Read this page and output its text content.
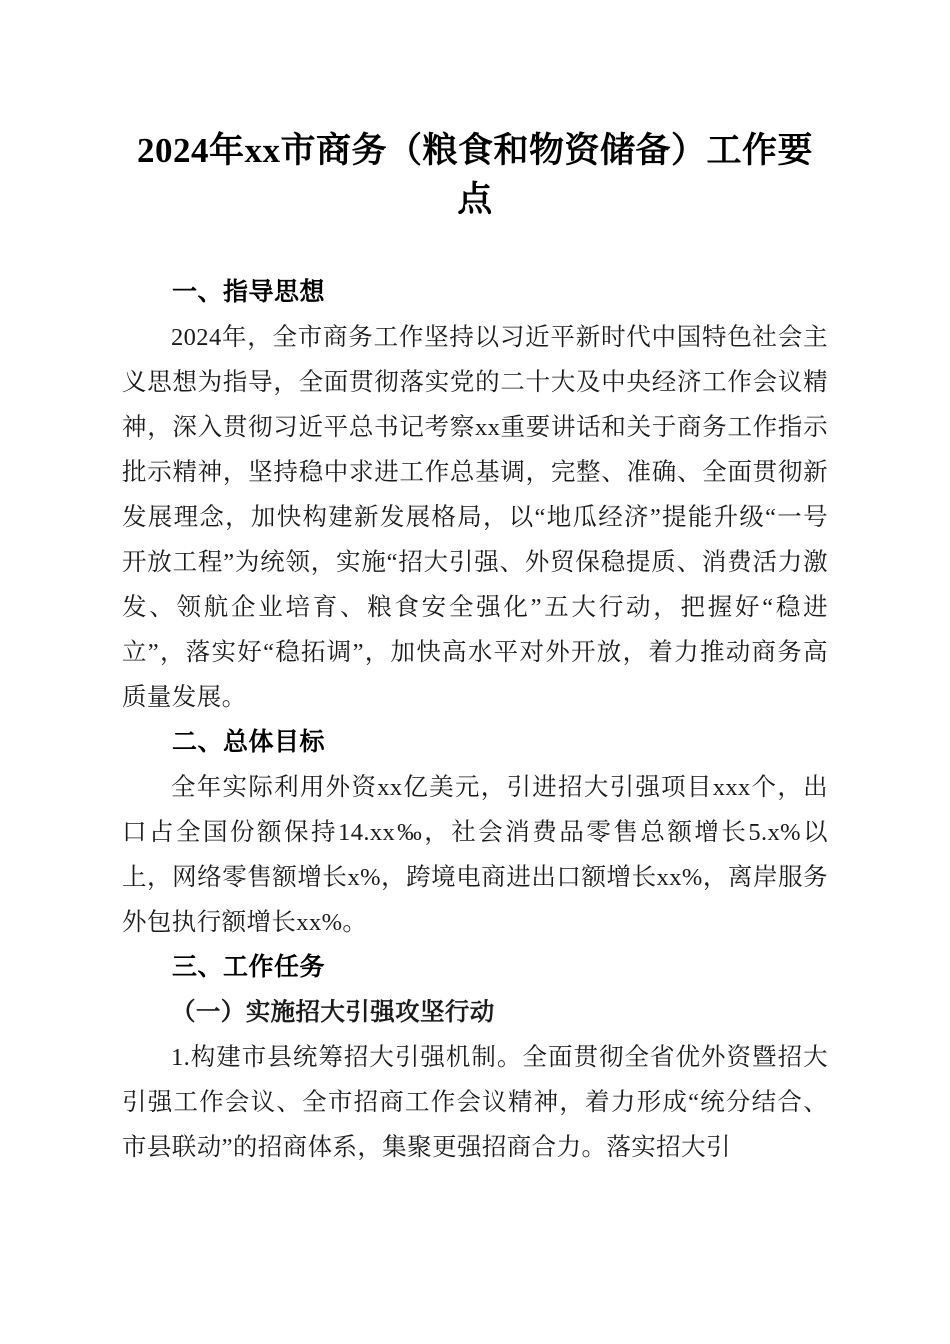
2024年xx市商务（粮食和物资储备）工作要点
一、指导思想

2024年，全市商务工作坚持以习近平新时代中国特色社会主义思想为指导，全面贯彻落实党的二十大及中央经济工作会议精神，深入贯彻习近平总书记考察xx重要讲话和关于商务工作指示批示精神，坚持稳中求进工作总基调，完整、准确、全面贯彻新发展理念，加快构建新发展格局，以“地瓜经济”提能升级“一号开放工程”为统领，实施“招大引强、外贸保稳提质、消费活力激发、领航企业培育、粮食安全强化”五大行动，把握好“稳进立”，落实好“稳拓调”，加快高水平对外开放，着力推动商务高质量发展。

二、总体目标

全年实际利用外资xx亿美元，引进招大引强项目xxx个，出口占全国份额保持14.xx‰，社会消费品零售总额增长5.x%以上，网络零售额增长x%，跨境电商进出口额增长xx%，离岸服务外包执行额增长xx%。

三、工作任务
（一）实施招大引强攻坚行动

1.构建市县统筹招大引强机制。全面贯彻全省优外资暨招大引强工作会议、全市招商工作会议精神，着力形成“统分结合、市县联动”的招商体系，集聚更强招商合力。落实招大引
